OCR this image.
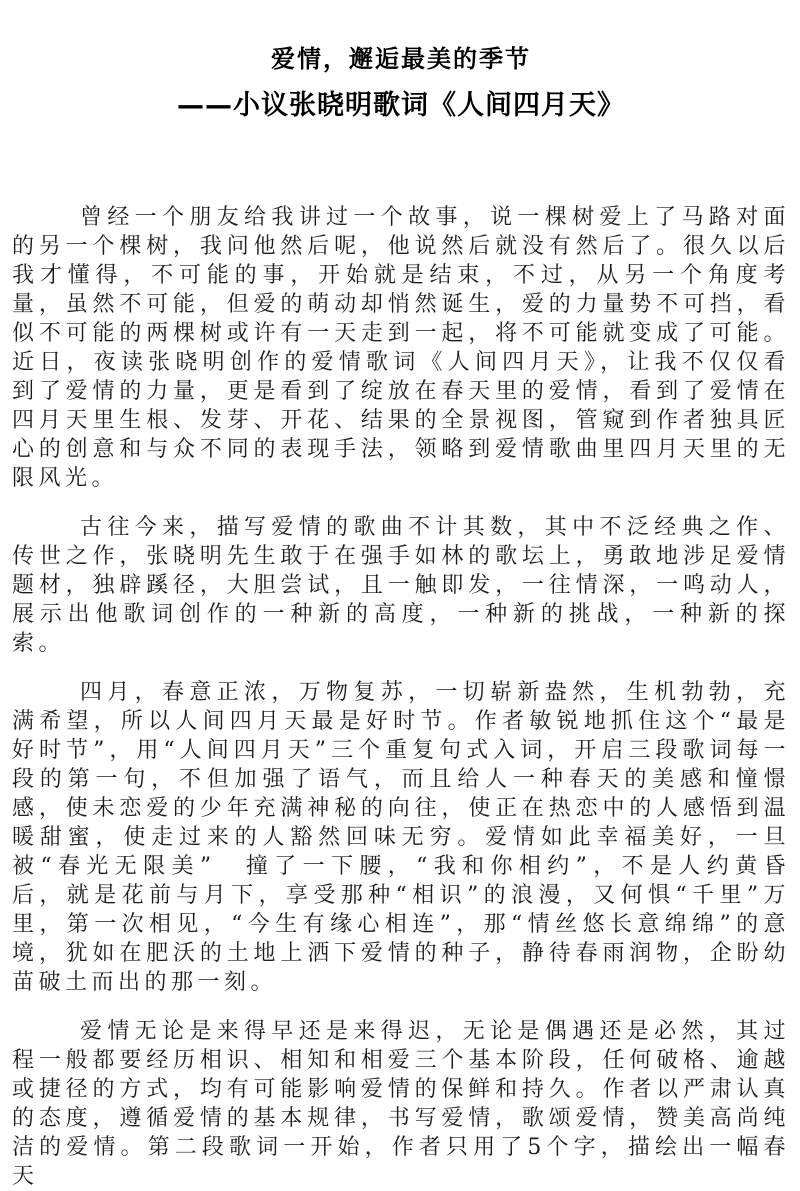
爱情，邂逅最美的季节
——小议张晓明歌词《人间四月天》

曾经一个朋友给我讲过一个故事，说一棵树爱上了马路对面的另一个棵树，我问他然后呢，他说然后就没有然后了。很久以后我才懂得，不可能的事，开始就是结束，不过，从另一个角度考量，虽然不可能，但爱的萌动却悄然诞生，爱的力量势不可挡，看似不可能的两棵树或许有一天走到一起，将不可能就变成了可能。近日，夜读张晓明创作的爱情歌词《人间四月天》，让我不仅仅看到了爱情的力量，更是看到了绽放在春天里的爱情，看到了爱情在四月天里生根、发芽、开花、结果的全景视图，管窥到作者独具匠心的创意和与众不同的表现手法，领略到爱情歌曲里四月天里的无限风光。

古往今来，描写爱情的歌曲不计其数，其中不泛经典之作、传世之作，张晓明先生敢于在强手如林的歌坛上，勇敢地涉足爱情题材，独辟蹊径，大胆尝试，且一触即发，一往情深，一鸣动人，展示出他歌词创作的一种新的高度，一种新的挑战，一种新的探索。

四月，春意正浓，万物复苏，一切崭新盎然，生机勃勃，充满希望，所以人间四月天最是好时节。作者敏锐地抓住这个“最是好时节”，用“人间四月天”三个重复句式入词，开启三段歌词每一段的第一句，不但加强了语气，而且给人一种春天的美感和憧憬感，使未恋爱的少年充满神秘的向往，使正在热恋中的人感悟到温暖甜蜜，使走过来的人豁然回味无穷。爱情如此幸福美好，一旦被“春光无限美”　撞了一下腰，“我和你相约”，不是人约黄昏后，就是花前与月下，享受那种“相识”的浪漫，又何惧“千里”万里，第一次相见，“今生有缘心相连”，那“情丝悠长意绵绵”的意境，犹如在肥沃的土地上洒下爱情的种子，静待春雨润物，企盼幼苗破土而出的那一刻。

爱情无论是来得早还是来得迟，无论是偶遇还是必然，其过程一般都要经历相识、相知和相爱三个基本阶段，任何破格、逾越或捷径的方式，均有可能影响爱情的保鲜和持久。作者以严肃认真的态度，遵循爱情的基本规律，书写爱情，歌颂爱情，赞美高尚纯洁的爱情。第二段歌词一开始，作者只用了5个字，描绘出一幅春天
